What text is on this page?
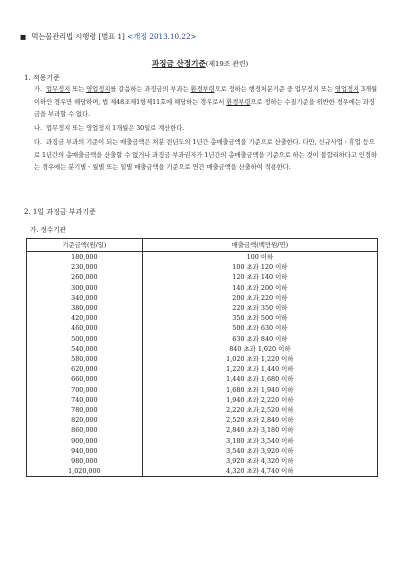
■ 먹는물관리법 시행령 [별표 1] <개정 2013.10.22>
과징금 산정기준(제19조 관련)
1. 적용기준
가. 업무정지 또는 영업정지를 갈음하는 과징금의 부과는 환경부령으로 정하는 행정처분기준 중 업무정지 또는 영업정지 3개월 이하인 경우만 해당하며, 법 제48조제1항제11호에 해당하는 경우로서 환경부령으로 정하는 수질기준을 위반한 경우에는 과징금을 부과할 수 없다.
나. 업무정지 또는 영업정지 1개월은 30일로 계산한다.
다. 과징금 부과의 기준이 되는 매출금액은 처분 전년도의 1년간 총매출금액을 기준으로 산출한다. 다만, 신규사업ㆍ휴업 등으로 1년간의 총매출금액을 산출할 수 없거나 과징금 부과권자가 1년간의 총매출금액을 기준으로 하는 것이 불합리하다고 인정하는 경우에는 분기별ㆍ월별 또는 일별 매출금액을 기준으로 연간 매출금액을 산출하여 적용한다.
2. 1일 과징금 부과기준
가. 정수기관
기준금액(원/일)	매출금액(백만원/연)
180,000	100 이하
230,000	100 초과 120 이하
260,000	120 초과 140 이하
300,000	140 초과 200 이하
340,000	200 초과 220 이하
380,000	220 초과 350 이하
420,000	350 초과 500 이하
460,000	500 초과 630 이하
500,000	630 초과 840 이하
540,000	840 초과 1,020 이하
580,000	1,020 초과 1,220 이하
620,000	1,220 초과 1,440 이하
660,000	1,440 초과 1,680 이하
700,000	1,680 초과 1,940 이하
740,000	1,940 초과 2,220 이하
780,000	2,220 초과 2,520 이하
820,000	2,520 초과 2,840 이하
860,000	2,840 초과 3,180 이하
900,000	3,180 초과 3,540 이하
940,000	3,540 초과 3,920 이하
980,000	3,920 초과 4,320 이하
1,020,000	4,320 초과 4,740 이하
